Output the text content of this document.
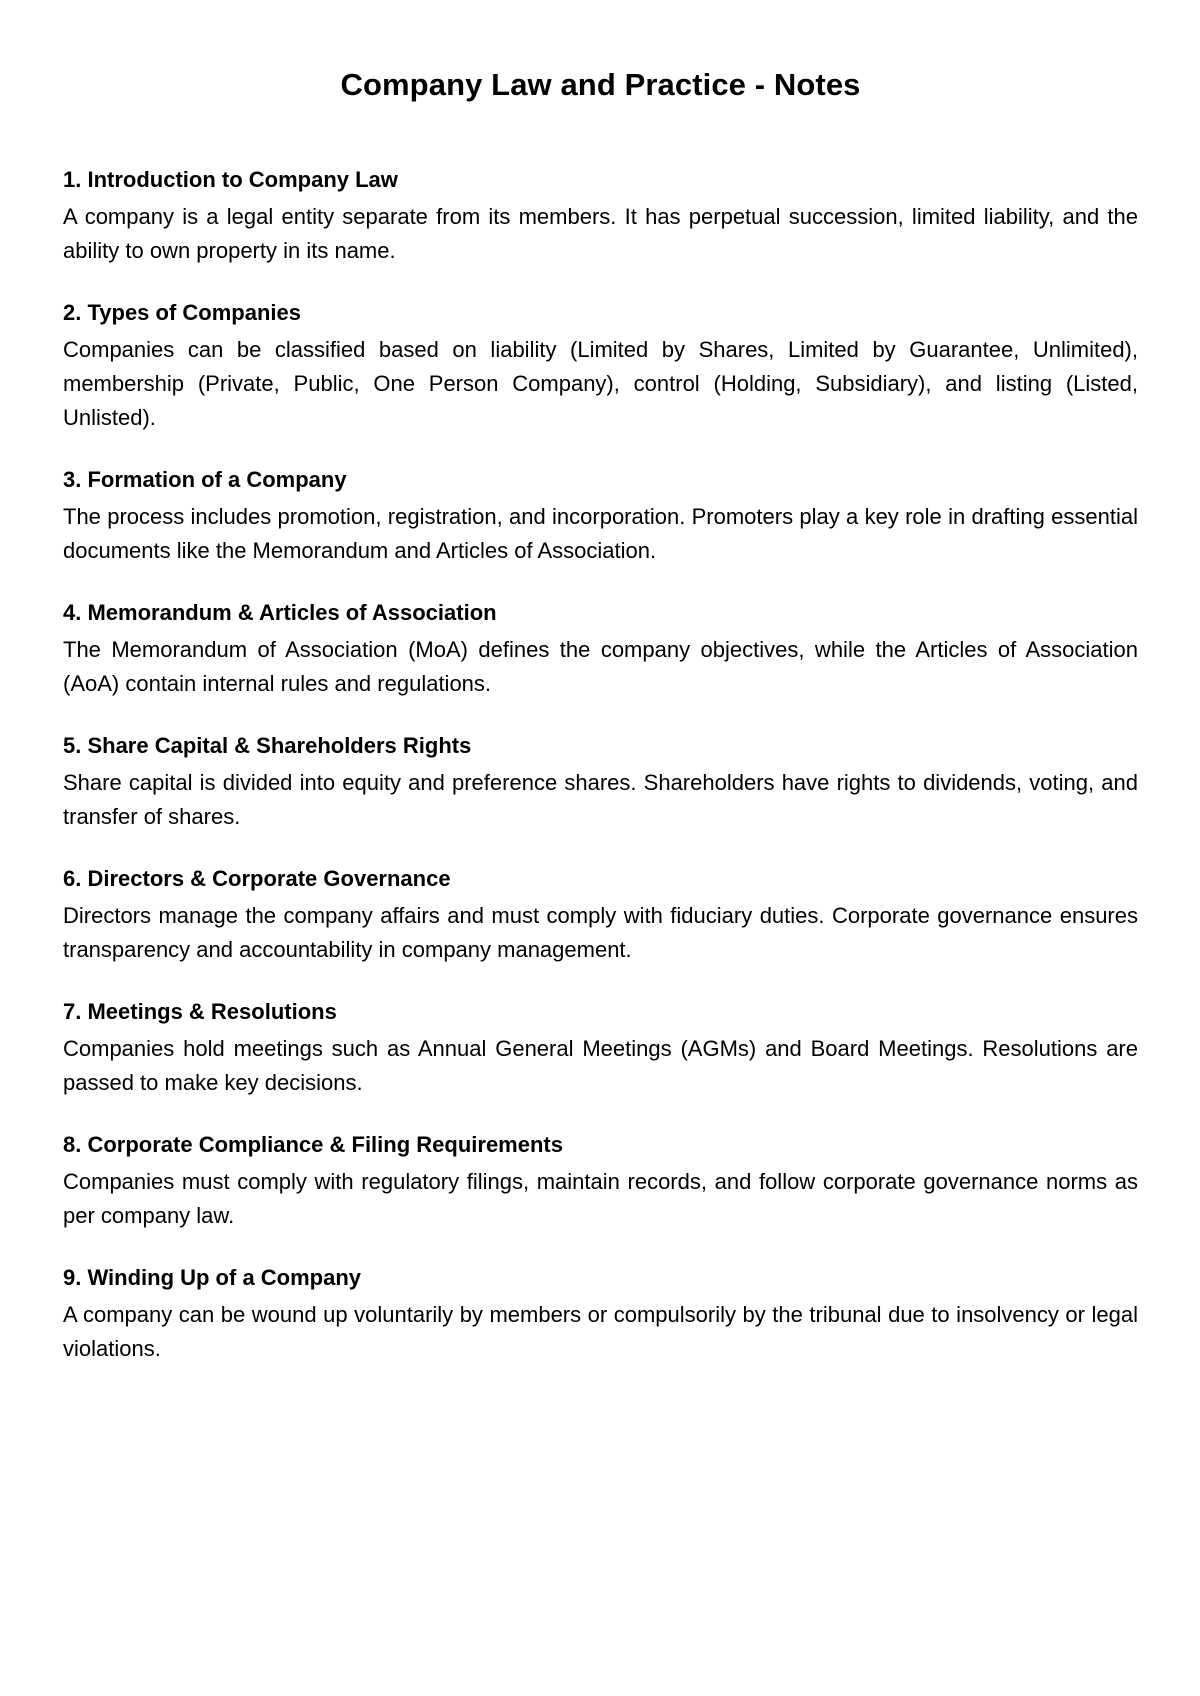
Company Law and Practice - Notes
1. Introduction to Company Law

A company is a legal entity separate from its members. It has perpetual succession, limited liability, and the ability to own property in its name.

2. Types of Companies

Companies can be classified based on liability (Limited by Shares, Limited by Guarantee, Unlimited), membership (Private, Public, One Person Company), control (Holding, Subsidiary), and listing (Listed, Unlisted).

3. Formation of a Company

The process includes promotion, registration, and incorporation. Promoters play a key role in drafting essential documents like the Memorandum and Articles of Association.

4. Memorandum & Articles of Association

The Memorandum of Association (MoA) defines the company objectives, while the Articles of Association (AoA) contain internal rules and regulations.

5. Share Capital & Shareholders Rights

Share capital is divided into equity and preference shares. Shareholders have rights to dividends, voting, and transfer of shares.

6. Directors & Corporate Governance

Directors manage the company affairs and must comply with fiduciary duties. Corporate governance ensures transparency and accountability in company management.

7. Meetings & Resolutions

Companies hold meetings such as Annual General Meetings (AGMs) and Board Meetings. Resolutions are passed to make key decisions.

8. Corporate Compliance & Filing Requirements

Companies must comply with regulatory filings, maintain records, and follow corporate governance norms as per company law.

9. Winding Up of a Company

A company can be wound up voluntarily by members or compulsorily by the tribunal due to insolvency or legal violations.
